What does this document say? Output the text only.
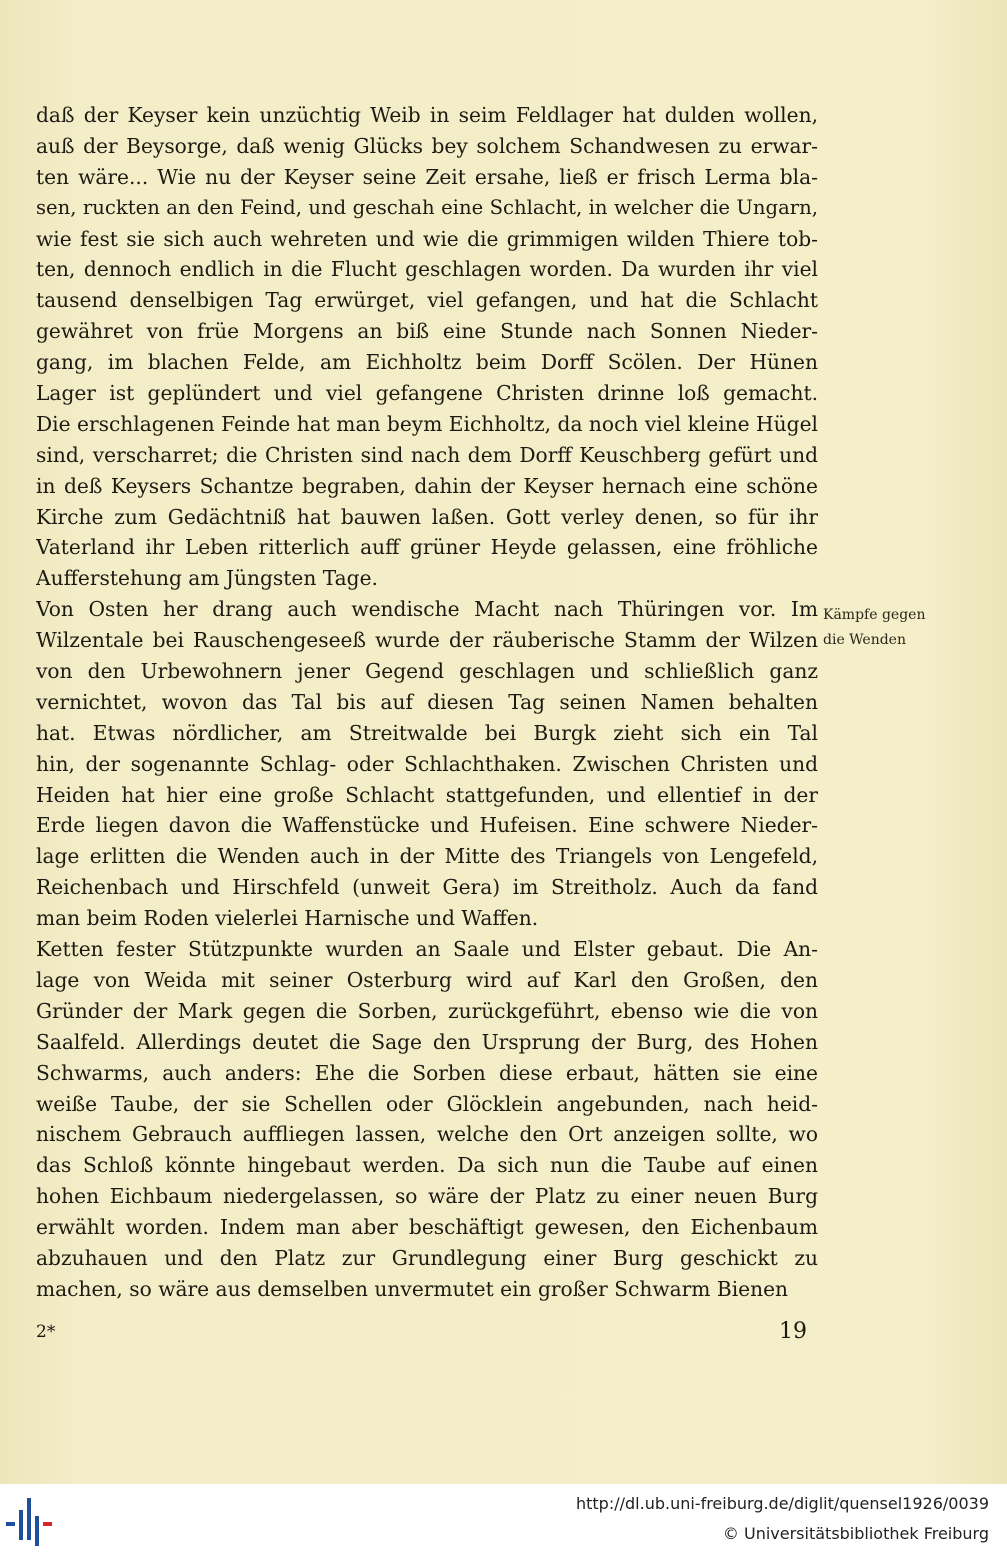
daß der Keyser kein unzüchtig Weib in seim Feldlager hat dulden wollen,
auß der Beysorge, daß wenig Glücks bey solchem Schandwesen zu erwar-
ten wäre... Wie nu der Keyser seine Zeit ersahe, ließ er frisch Lerma bla-
sen, ruckten an den Feind, und geschah eine Schlacht, in welcher die Ungarn,
wie fest sie sich auch wehreten und wie die grimmigen wilden Thiere tob-
ten, dennoch endlich in die Flucht geschlagen worden. Da wurden ihr viel
tausend denselbigen Tag erwürget, viel gefangen, und hat die Schlacht
gewähret von früe Morgens an biß eine Stunde nach Sonnen Nieder-
gang, im blachen Felde, am Eichholtz beim Dorff Scölen. Der Hünen
Lager ist geplündert und viel gefangene Christen drinne loß gemacht.
Die erschlagenen Feinde hat man beym Eichholtz, da noch viel kleine Hügel
sind, verscharret; die Christen sind nach dem Dorff Keuschberg gefürt und
in deß Keysers Schantze begraben, dahin der Keyser hernach eine schöne
Kirche zum Gedächtniß hat bauwen laßen. Gott verley denen, so für ihr
Vaterland ihr Leben ritterlich auff grüner Heyde gelassen, eine fröhliche
Aufferstehung am Jüngsten Tage.
Von Osten her drang auch wendische Macht nach Thüringen vor. Im
Wilzentale bei Rauschengeseeß wurde der räuberische Stamm der Wilzen
von den Urbewohnern jener Gegend geschlagen und schließlich ganz
vernichtet, wovon das Tal bis auf diesen Tag seinen Namen behalten
hat. Etwas nördlicher, am Streitwalde bei Burgk zieht sich ein Tal
hin, der sogenannte Schlag- oder Schlachthaken. Zwischen Christen und
Heiden hat hier eine große Schlacht stattgefunden, und ellentief in der
Erde liegen davon die Waffenstücke und Hufeisen. Eine schwere Nieder-
lage erlitten die Wenden auch in der Mitte des Triangels von Lengefeld,
Reichenbach und Hirschfeld (unweit Gera) im Streitholz. Auch da fand
man beim Roden vielerlei Harnische und Waffen.
Ketten fester Stützpunkte wurden an Saale und Elster gebaut. Die An-
lage von Weida mit seiner Osterburg wird auf Karl den Großen, den
Gründer der Mark gegen die Sorben, zurückgeführt, ebenso wie die von
Saalfeld. Allerdings deutet die Sage den Ursprung der Burg, des Hohen
Schwarms, auch anders: Ehe die Sorben diese erbaut, hätten sie eine
weiße Taube, der sie Schellen oder Glöcklein angebunden, nach heid-
nischem Gebrauch auffliegen lassen, welche den Ort anzeigen sollte, wo
das Schloß könnte hingebaut werden. Da sich nun die Taube auf einen
hohen Eichbaum niedergelassen, so wäre der Platz zu einer neuen Burg
erwählt worden. Indem man aber beschäftigt gewesen, den Eichenbaum
abzuhauen und den Platz zur Grundlegung einer Burg geschickt zu
machen, so wäre aus demselben unvermutet ein großer Schwarm Bienen
Kämpfe gegen
die Wenden
2*	19
http://dl.ub.uni-freiburg.de/diglit/quensel1926/0039
© Universitätsbibliothek Freiburg
